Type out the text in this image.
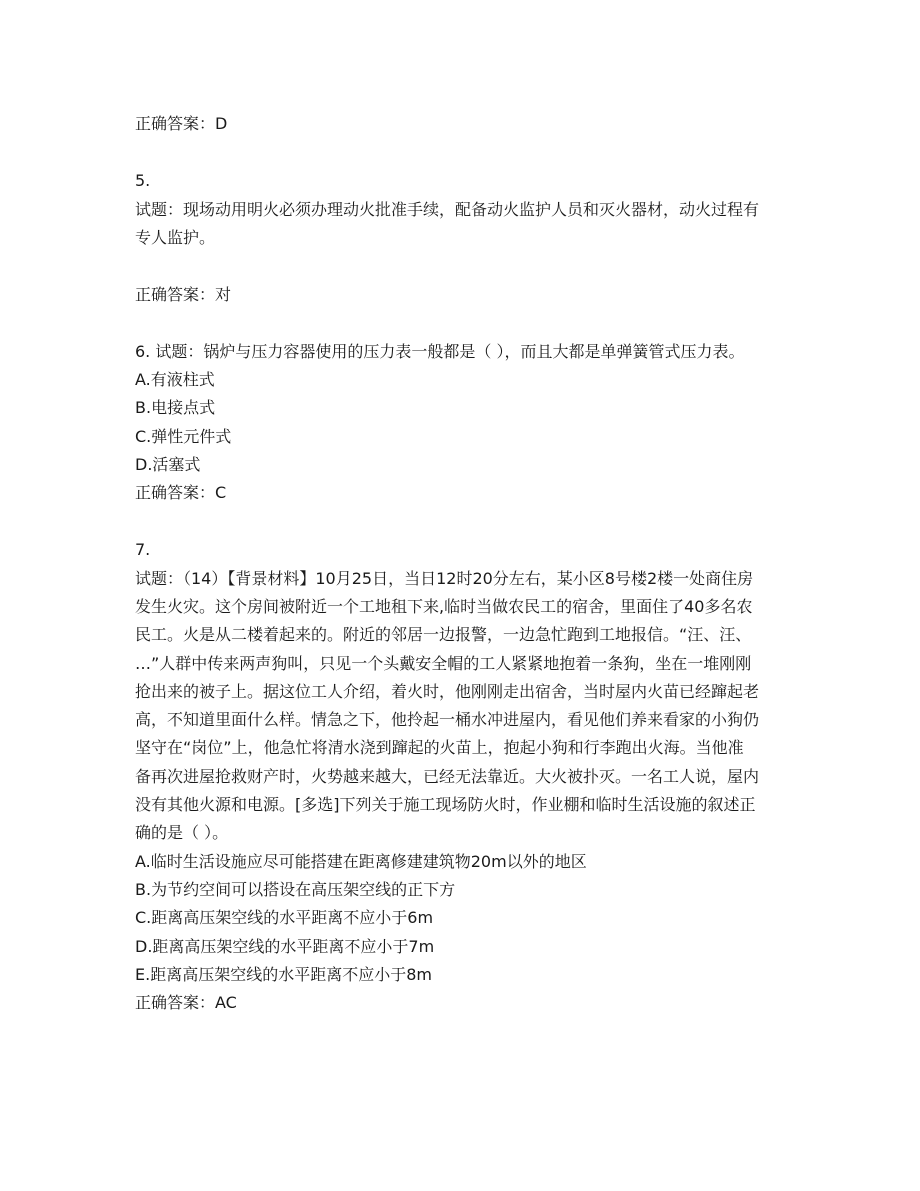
正确答案：D
5.
试题：现场动用明火必须办理动火批准手续，配备动火监护人员和灭火器材，动火过程有
专人监护。
正确答案：对
6. 试题：锅炉与压力容器使用的压力表一般都是（ ），而且大都是单弹簧管式压力表。
A.有液柱式
B.电接点式
C.弹性元件式
D.活塞式
正确答案：C
7.
试题：（14）【背景材料】10月25日，当日12时20分左右，某小区8号楼2楼一处商住房
发生火灾。这个房间被附近一个工地租下来,临时当做农民工的宿舍，里面住了40多名农
民工。火是从二楼着起来的。附近的邻居一边报警，一边急忙跑到工地报信。“汪、汪、
…”人群中传来两声狗叫，只见一个头戴安全帽的工人紧紧地抱着一条狗，坐在一堆刚刚
抢出来的被子上。据这位工人介绍，着火时，他刚刚走出宿舍，当时屋内火苗已经蹿起老
高，不知道里面什么样。情急之下，他拎起一桶水冲进屋内，看见他们养来看家的小狗仍
坚守在“岗位”上，他急忙将清水浇到蹿起的火苗上，抱起小狗和行李跑出火海。当他准
备再次进屋抢救财产时，火势越来越大，已经无法靠近。大火被扑灭。一名工人说，屋内
没有其他火源和电源。[多选]下列关于施工现场防火时，作业棚和临时生活设施的叙述正
确的是（ ）。
A.临时生活设施应尽可能搭建在距离修建建筑物20m以外的地区
B.为节约空间可以搭设在高压架空线的正下方
C.距离高压架空线的水平距离不应小于6m
D.距离高压架空线的水平距离不应小于7m
E.距离高压架空线的水平距离不应小于8m
正确答案：AC
